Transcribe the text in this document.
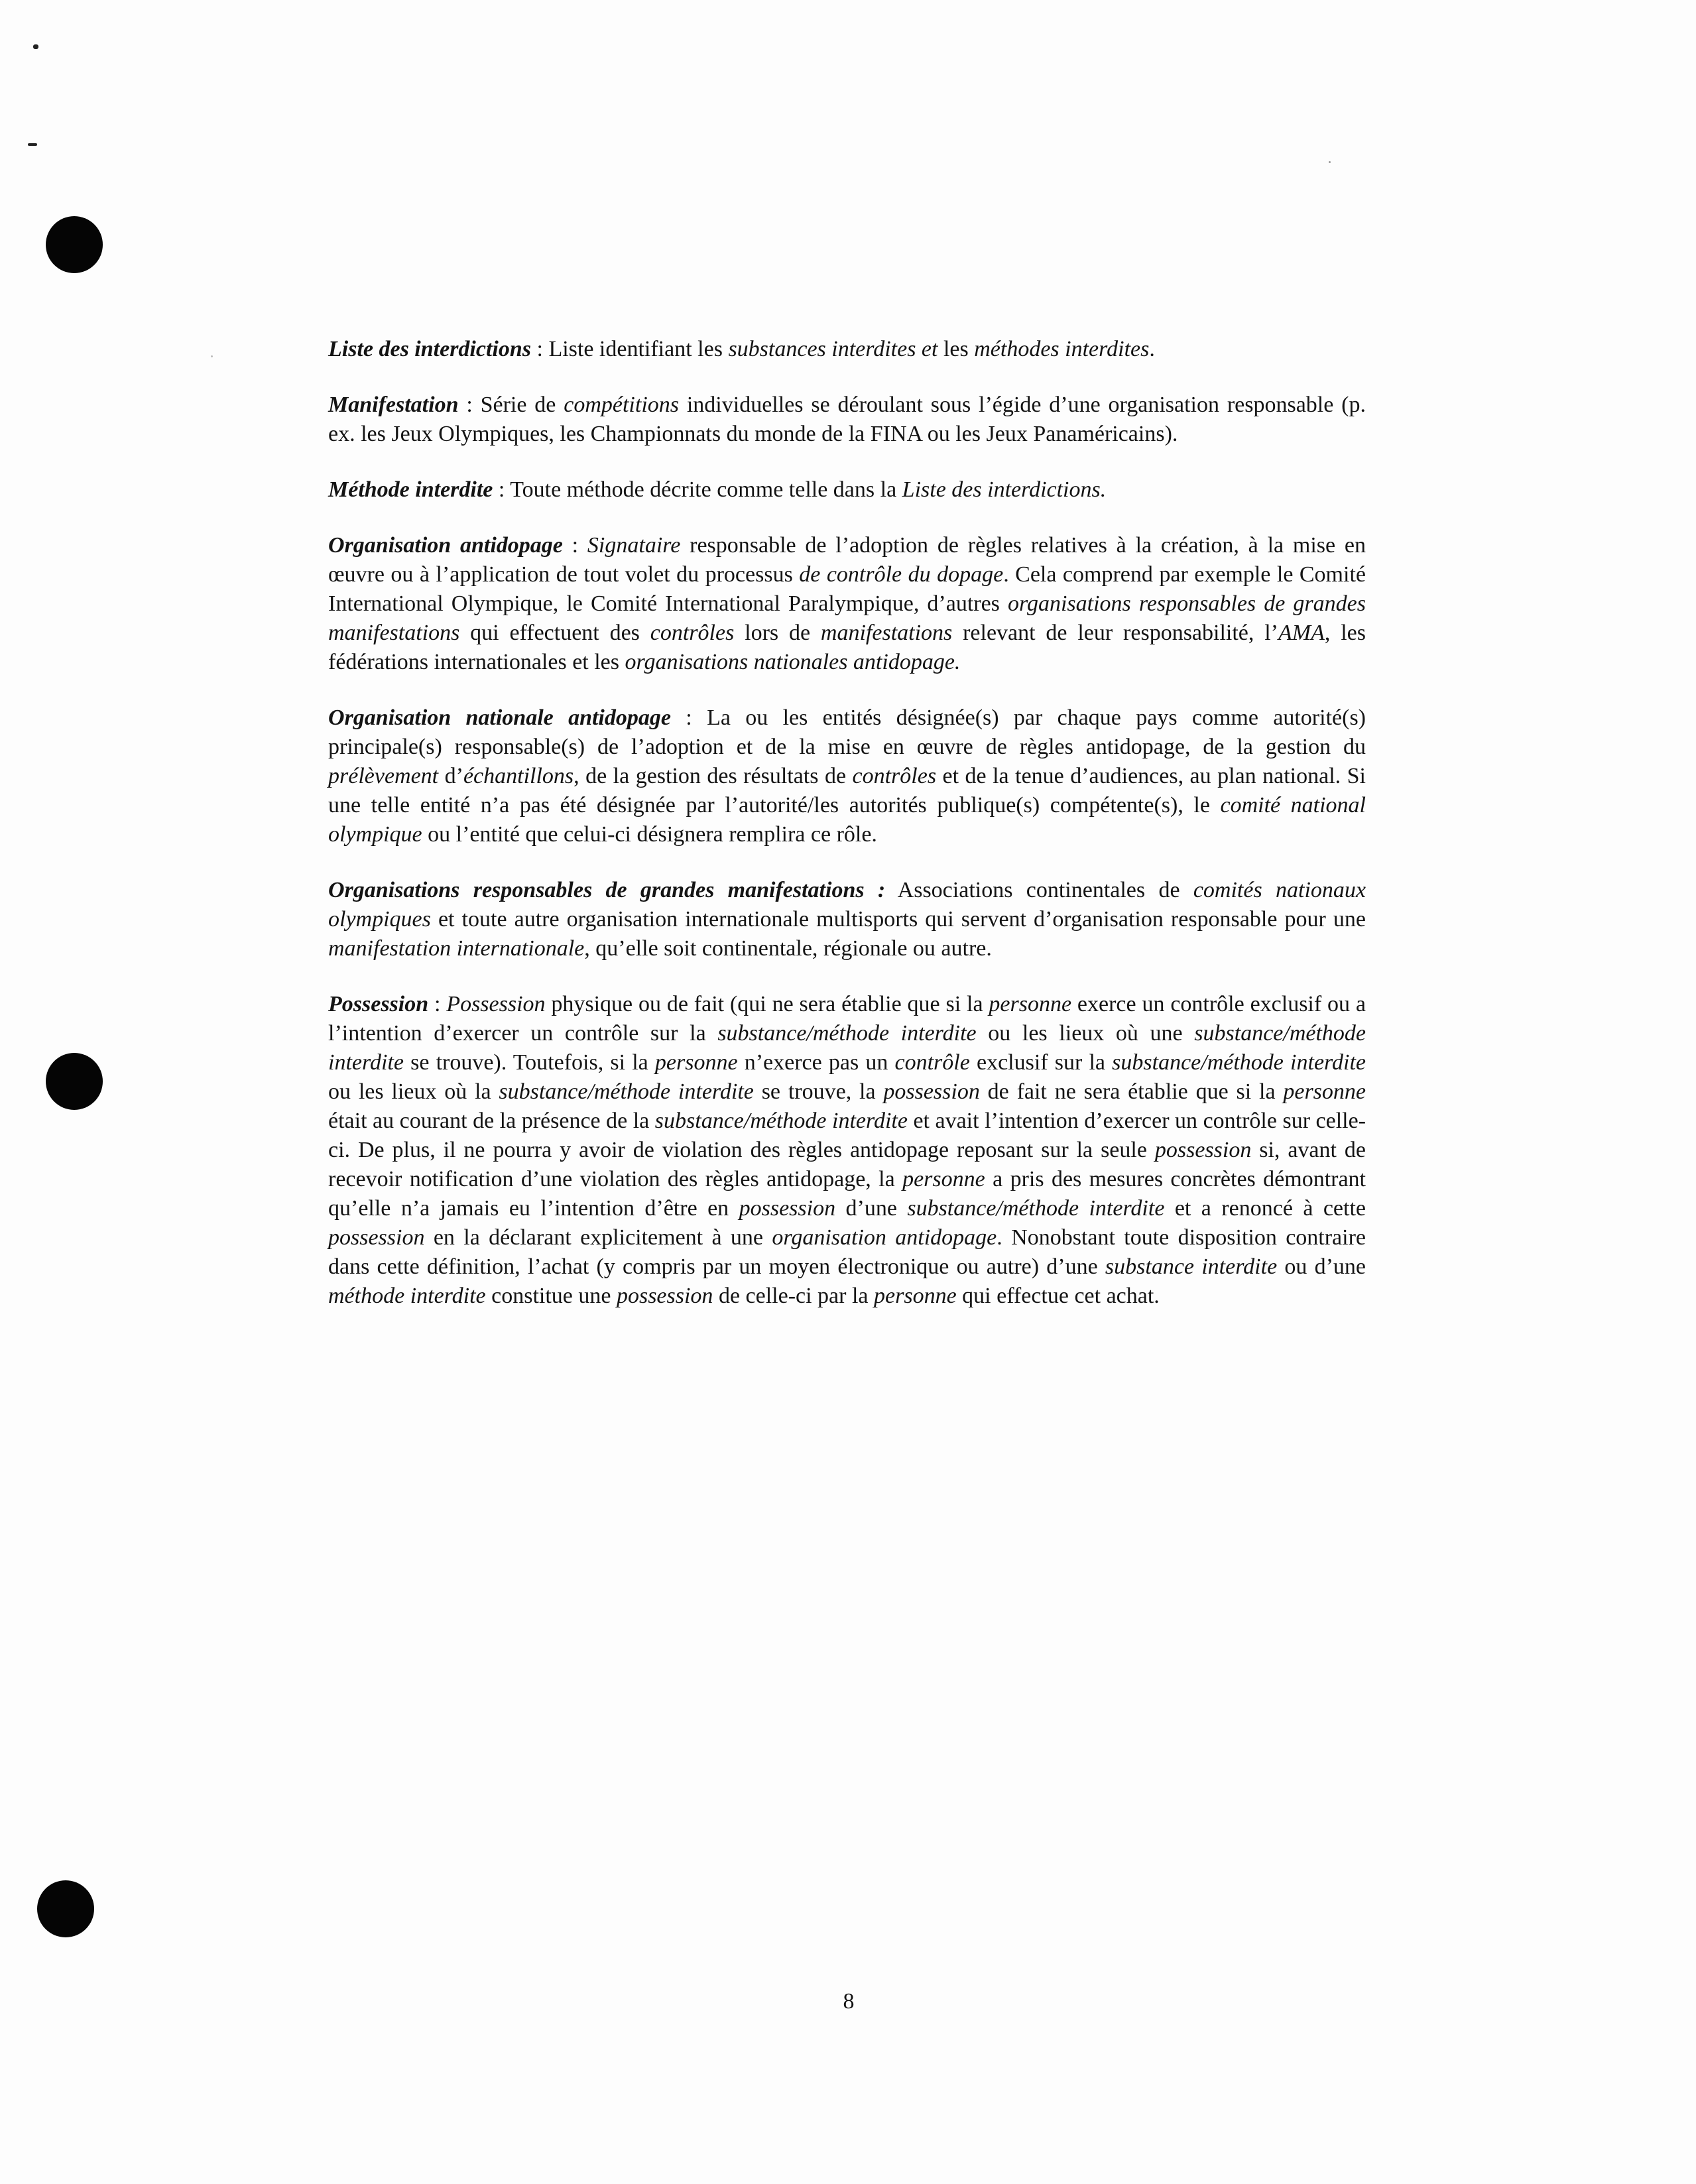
Liste des interdictions : Liste identifiant les substances interdites et les méthodes interdites.

Manifestation : Série de compétitions individuelles se déroulant sous l’égide d’une organisation responsable (p. ex. les Jeux Olympiques, les Championnats du monde de la FINA ou les Jeux Panaméricains).

Méthode interdite : Toute méthode décrite comme telle dans la Liste des interdictions.

Organisation antidopage : Signataire responsable de l’adoption de règles relatives à la création, à la mise en œuvre ou à l’application de tout volet du processus de contrôle du dopage. Cela comprend par exemple le Comité International Olympique, le Comité International Paralympique, d’autres organisations responsables de grandes manifestations qui effectuent des contrôles lors de manifestations relevant de leur responsabilité, l’AMA, les fédérations internationales et les organisations nationales antidopage.

Organisation nationale antidopage : La ou les entités désignée(s) par chaque pays comme autorité(s) principale(s) responsable(s) de l’adoption et de la mise en œuvre de règles antidopage, de la gestion du prélèvement d’échantillons, de la gestion des résultats de contrôles et de la tenue d’audiences, au plan national. Si une telle entité n’a pas été désignée par l’autorité/les autorités publique(s) compétente(s), le comité national olympique ou l’entité que celui-ci désignera remplira ce rôle.

Organisations responsables de grandes manifestations : Associations continentales de comités nationaux olympiques et toute autre organisation internationale multisports qui servent d’organisation responsable pour une manifestation internationale, qu’elle soit continentale, régionale ou autre.

Possession : Possession physique ou de fait (qui ne sera établie que si la personne exerce un contrôle exclusif ou a l’intention d’exercer un contrôle sur la substance/méthode interdite ou les lieux où une substance/méthode interdite se trouve). Toutefois, si la personne n’exerce pas un contrôle exclusif sur la substance/méthode interdite ou les lieux où la substance/méthode interdite se trouve, la possession de fait ne sera établie que si la personne était au courant de la présence de la substance/méthode interdite et avait l’intention d’exercer un contrôle sur celle-ci. De plus, il ne pourra y avoir de violation des règles antidopage reposant sur la seule possession si, avant de recevoir notification d’une violation des règles antidopage, la personne a pris des mesures concrètes démontrant qu’elle n’a jamais eu l’intention d’être en possession d’une substance/méthode interdite et a renoncé à cette possession en la déclarant explicitement à une organisation antidopage. Nonobstant toute disposition contraire dans cette définition, l’achat (y compris par un moyen électronique ou autre) d’une substance interdite ou d’une méthode interdite constitue une possession de celle-ci par la personne qui effectue cet achat.

8
